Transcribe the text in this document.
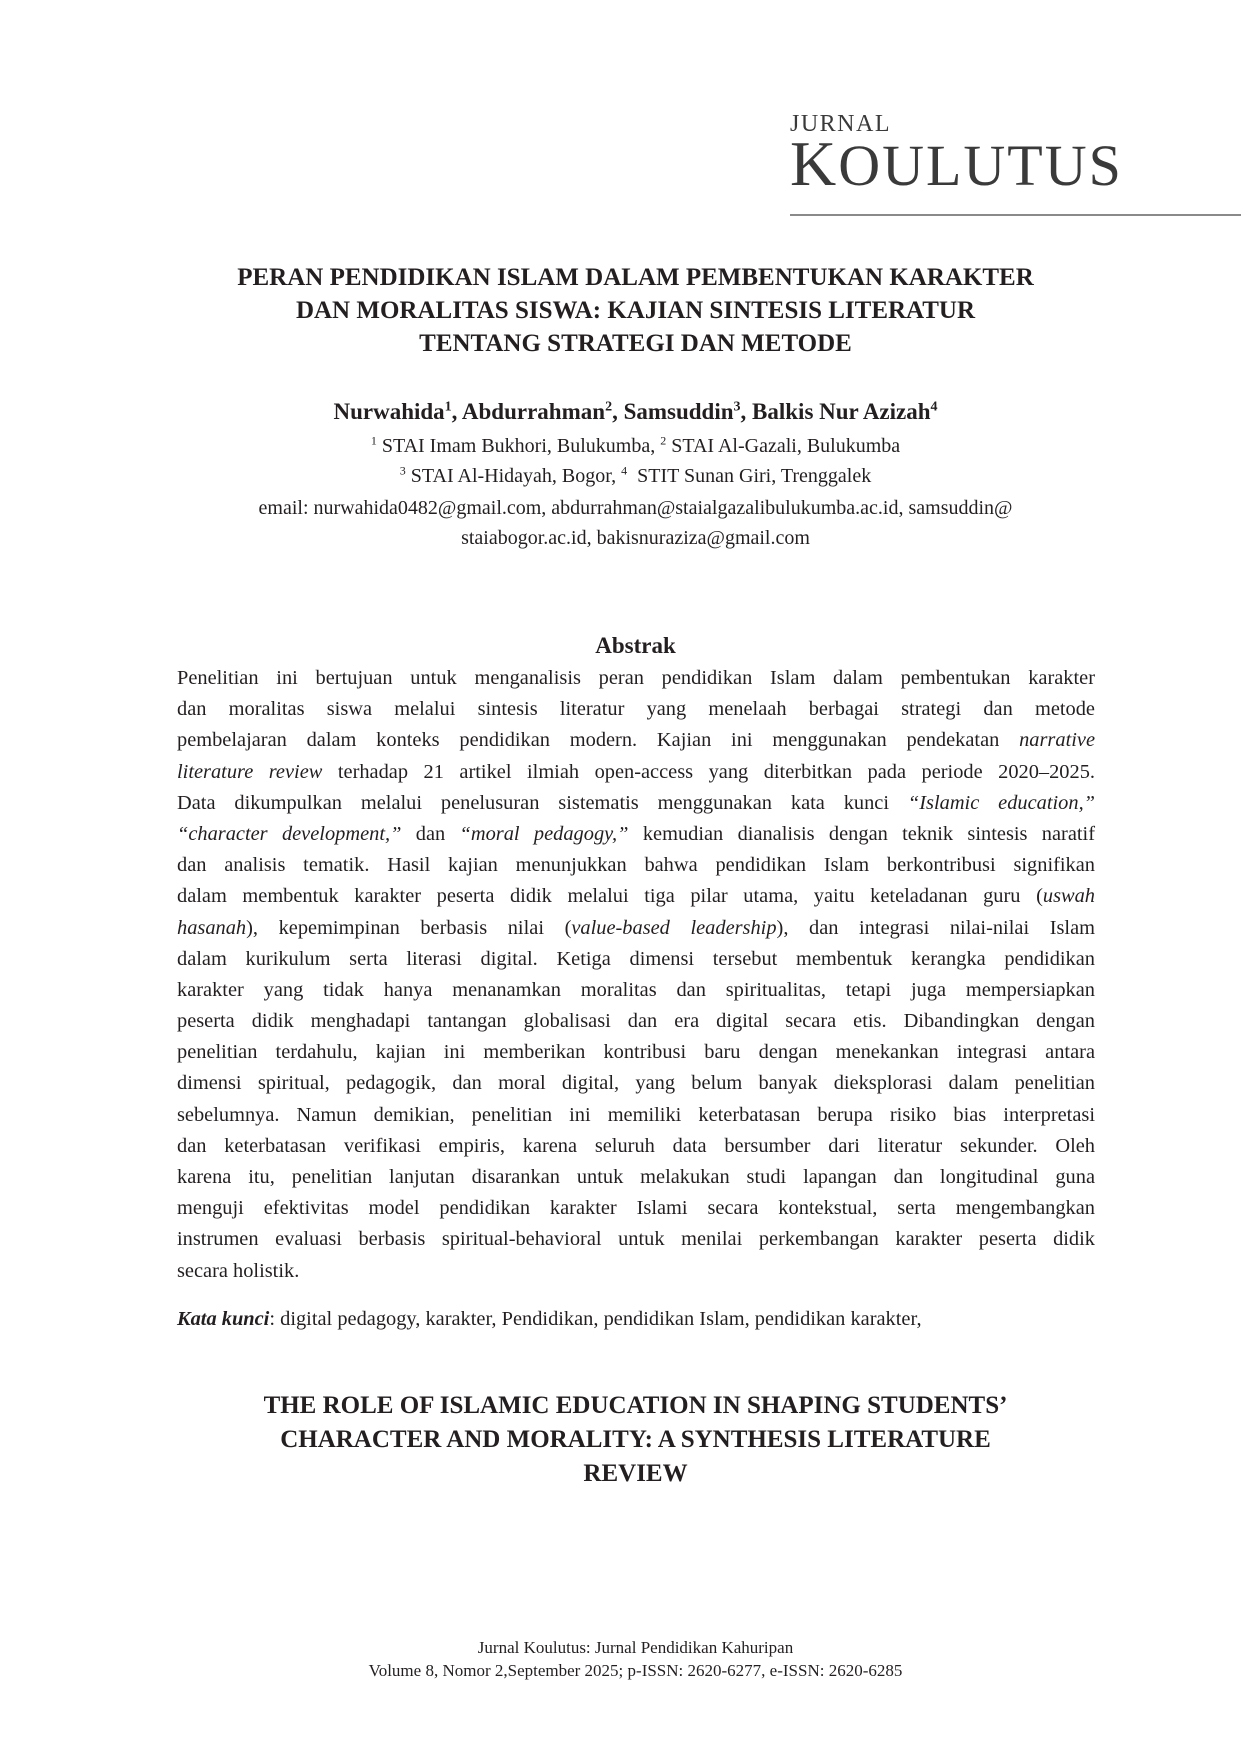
JURNAL
KOULUTUS
PERAN PENDIDIKAN ISLAM DALAM PEMBENTUKAN KARAKTER
DAN MORALITAS SISWA: KAJIAN SINTESIS LITERATUR
TENTANG STRATEGI DAN METODE
Nurwahida$^1$, Abdurrahman$^2$, Samsuddin$^3$, Balkis Nur Azizah$^4$
$^1$ STAI Imam Bukhori, Bulukumba, $^2$ STAI Al-Gazali, Bulukumba
$^3$ STAI Al-Hidayah, Bogor, $^4$  STIT Sunan Giri, Trenggalek
email: nurwahida0482@gmail.com, abdurrahman@staialgazalibulukumba.ac.id, samsuddin@
staiabogor.ac.id, bakisnuraziza@gmail.com
Abstrak
Penelitian ini bertujuan untuk menganalisis peran pendidikan Islam dalam pembentukan karakter
dan moralitas siswa melalui sintesis literatur yang menelaah berbagai strategi dan metode
pembelajaran dalam konteks pendidikan modern. Kajian ini menggunakan pendekatan narrative
literature review terhadap 21 artikel ilmiah open-access yang diterbitkan pada periode 2020–2025.
Data dikumpulkan melalui penelusuran sistematis menggunakan kata kunci “Islamic education,”
“character development,” dan “moral pedagogy,” kemudian dianalisis dengan teknik sintesis naratif
dan analisis tematik. Hasil kajian menunjukkan bahwa pendidikan Islam berkontribusi signifikan
dalam membentuk karakter peserta didik melalui tiga pilar utama, yaitu keteladanan guru (uswah
hasanah), kepemimpinan berbasis nilai (value-based leadership), dan integrasi nilai-nilai Islam
dalam kurikulum serta literasi digital. Ketiga dimensi tersebut membentuk kerangka pendidikan
karakter yang tidak hanya menanamkan moralitas dan spiritualitas, tetapi juga mempersiapkan
peserta didik menghadapi tantangan globalisasi dan era digital secara etis. Dibandingkan dengan
penelitian terdahulu, kajian ini memberikan kontribusi baru dengan menekankan integrasi antara
dimensi spiritual, pedagogik, dan moral digital, yang belum banyak dieksplorasi dalam penelitian
sebelumnya. Namun demikian, penelitian ini memiliki keterbatasan berupa risiko bias interpretasi
dan keterbatasan verifikasi empiris, karena seluruh data bersumber dari literatur sekunder. Oleh
karena itu, penelitian lanjutan disarankan untuk melakukan studi lapangan dan longitudinal guna
menguji efektivitas model pendidikan karakter Islami secara kontekstual, serta mengembangkan
instrumen evaluasi berbasis spiritual-behavioral untuk menilai perkembangan karakter peserta didik
secara holistik.
Kata kunci: digital pedagogy, karakter, Pendidikan, pendidikan Islam, pendidikan karakter,
THE ROLE OF ISLAMIC EDUCATION IN SHAPING STUDENTS’
CHARACTER AND MORALITY: A SYNTHESIS LITERATURE
REVIEW
Jurnal Koulutus: Jurnal Pendidikan Kahuripan
Volume 8, Nomor 2,September 2025; p-ISSN: 2620-6277, e-ISSN: 2620-6285
